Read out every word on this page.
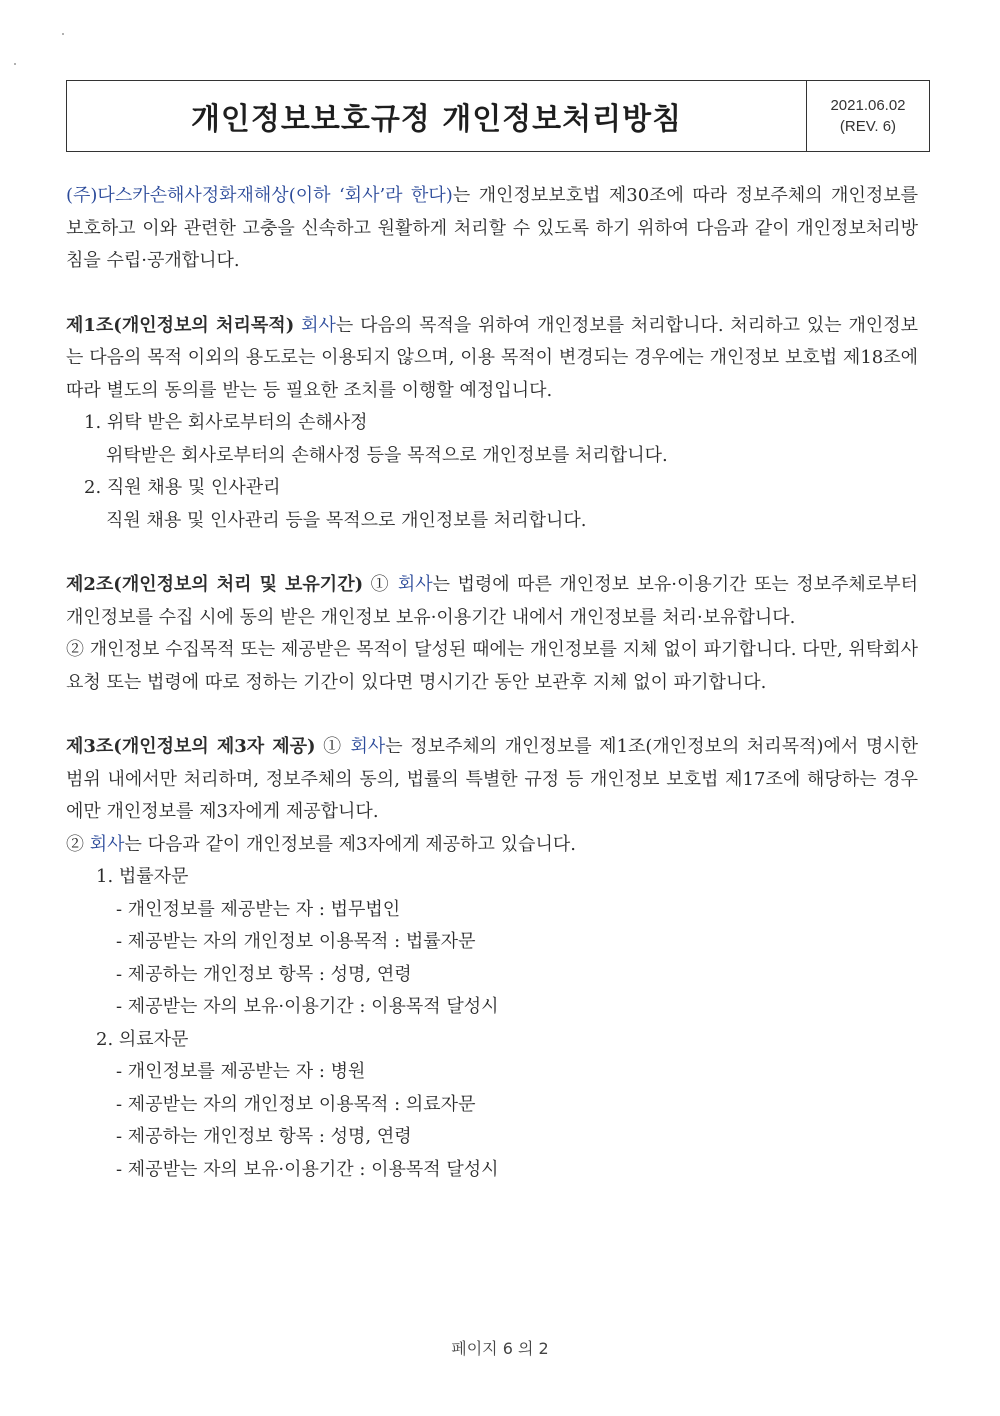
개인정보보호규정 개인정보처리방침	2021.06.02
(REV. 6)

(주)다스카손해사정화재해상(이하 ‘회사’라 한다)는 개인정보보호법 제30조에 따라 정보주체의 개인정보를 보호하고 이와 관련한 고충을 신속하고 원활하게 처리할 수 있도록 하기 위하여 다음과 같이 개인정보처리방침을 수립·공개합니다.

제1조(개인정보의 처리목적) 회사는 다음의 목적을 위하여 개인정보를 처리합니다. 처리하고 있는 개인정보는 다음의 목적 이외의 용도로는 이용되지 않으며, 이용 목적이 변경되는 경우에는 개인정보 보호법 제18조에 따라 별도의 동의를 받는 등 필요한 조치를 이행할 예정입니다.

1. 위탁 받은 회사로부터의 손해사정
위탁받은 회사로부터의 손해사정 등을 목적으로 개인정보를 처리합니다.
2. 직원 채용 및 인사관리
직원 채용 및 인사관리 등을 목적으로 개인정보를 처리합니다.

제2조(개인정보의 처리 및 보유기간) ① 회사는 법령에 따른 개인정보 보유·이용기간 또는 정보주체로부터 개인정보를 수집 시에 동의 받은 개인정보 보유·이용기간 내에서 개인정보를 처리·보유합니다.

② 개인정보 수집목적 또는 제공받은 목적이 달성된 때에는 개인정보를 지체 없이 파기합니다. 다만, 위탁회사 요청 또는 법령에 따로 정하는 기간이 있다면 명시기간 동안 보관후 지체 없이 파기합니다.

제3조(개인정보의 제3자 제공) ① 회사는 정보주체의 개인정보를 제1조(개인정보의 처리목적)에서 명시한 범위 내에서만 처리하며, 정보주체의 동의, 법률의 특별한 규정 등 개인정보 보호법 제17조에 해당하는 경우에만 개인정보를 제3자에게 제공합니다.

② 회사는 다음과 같이 개인정보를 제3자에게 제공하고 있습니다.

1. 법률자문
- 개인정보를 제공받는 자 : 법무법인
- 제공받는 자의 개인정보 이용목적 : 법률자문
- 제공하는 개인정보 항목 : 성명, 연령
- 제공받는 자의 보유·이용기간 : 이용목적 달성시
2. 의료자문
- 개인정보를 제공받는 자 : 병원
- 제공받는 자의 개인정보 이용목적 : 의료자문
- 제공하는 개인정보 항목 : 성명, 연령
- 제공받는 자의 보유·이용기간 : 이용목적 달성시
페이지 6 의 2
